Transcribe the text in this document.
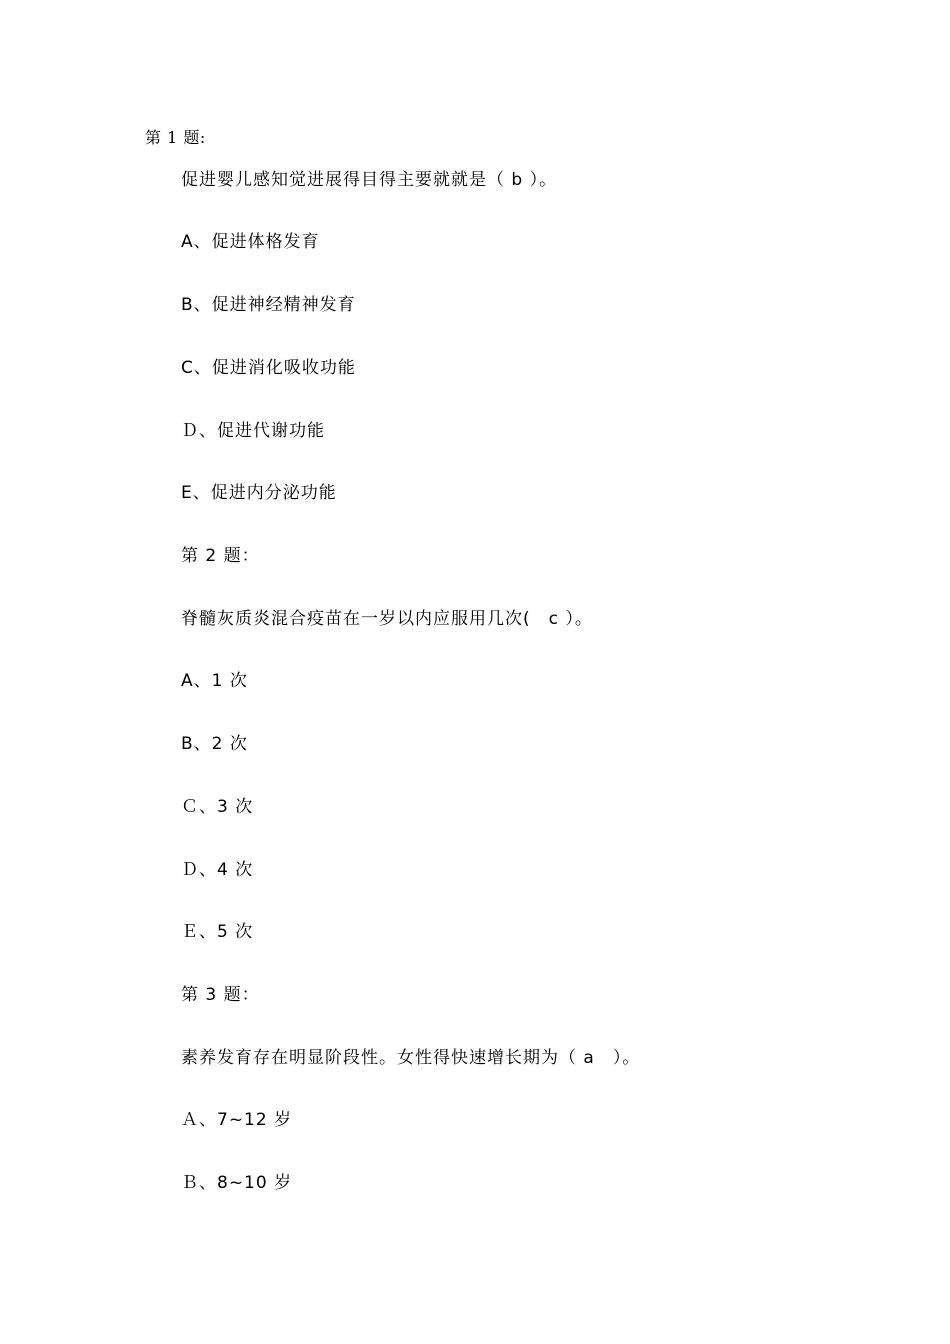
第 1 题:
促进婴儿感知觉进展得目得主要就就是（ b ）。
A、促进体格发育
B、促进神经精神发育
C、促进消化吸收功能
Ｄ、促进代谢功能
E、促进内分泌功能
第 2 题：
脊髓灰质炎混合疫苗在一岁以内应服用几次(　c ）。
A、1 次
B、2 次
Ｃ、3 次
Ｄ、4 次
Ｅ、5 次
第 3 题：
素养发育存在明显阶段性。女性得快速增长期为（ a　）。
Ａ、7~12 岁
Ｂ、8~10 岁
